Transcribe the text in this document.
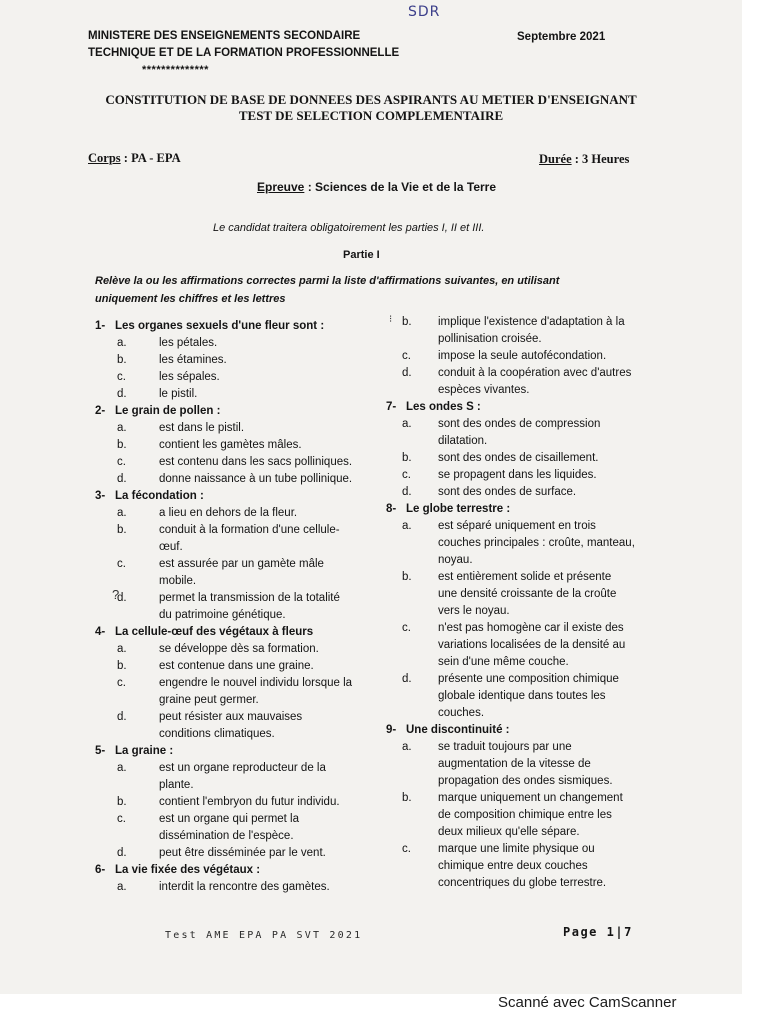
SDR
MINISTERE DES ENSEIGNEMENTS SECONDAIRE
TECHNIQUE ET DE LA FORMATION PROFESSIONNELLE
**************
Septembre 2021
CONSTITUTION DE BASE DE DONNEES DES ASPIRANTS AU METIER D'ENSEIGNANT
TEST DE SELECTION COMPLEMENTAIRE
Corps : PA - EPA	Durée : 3 Heures
Epreuve : Sciences de la Vie et de la Terre
Le candidat traitera obligatoirement les parties I, II et III.
Partie I
Relève la ou les affirmations correctes parmi la liste d'affirmations suivantes, en utilisant
uniquement les chiffres et les lettres
1- Les organes sexuels d'une fleur sont :
a.	les pétales.
b.	les étamines.
c.	les sépales.
d.	le pistil.
2- Le grain de pollen :
a.	est dans le pistil.
b.	contient les gamètes mâles.
c.	est contenu dans les sacs polliniques.
d.	donne naissance à un tube pollinique.
3- La fécondation :
a.	a lieu en dehors de la fleur.
b.	conduit à la formation d'une cellule-
œuf.
c.	est assurée par un gamète mâle
mobile.
d.	permet la transmission de la totalité
du patrimoine génétique.
4- La cellule-œuf des végétaux à fleurs
a.	se développe dès sa formation.
b.	est contenue dans une graine.
c.	engendre le nouvel individu lorsque la
graine peut germer.
d.	peut résister aux mauvaises
conditions climatiques.
5- La graine :
a.	est un organe reproducteur de la
plante.
b.	contient l'embryon du futur individu.
c.	est un organe qui permet la
dissémination de l'espèce.
d.	peut être disséminée par le vent.
6- La vie fixée des végétaux :
a.	interdit la rencontre des gamètes.
b.	implique l'existence d'adaptation à la
pollinisation croisée.
c.	impose la seule autofécondation.
d.	conduit à la coopération avec d'autres
espèces vivantes.
7- Les ondes S :
a.	sont des ondes de compression
dilatation.
b.	sont des ondes de cisaillement.
c.	se propagent dans les liquides.
d.	sont des ondes de surface.
8- Le globe terrestre :
a.	est séparé uniquement en trois
couches principales : croûte, manteau,
noyau.
b.	est entièrement solide et présente
une densité croissante de la croûte
vers le noyau.
c.	n'est pas homogène car il existe des
variations localisées de la densité au
sein d'une même couche.
d.	présente une composition chimique
globale identique dans toutes les
couches.
9- Une discontinuité :
a.	se traduit toujours par une
augmentation de la vitesse de
propagation des ondes sismiques.
b.	marque uniquement un changement
de composition chimique entre les
deux milieux qu'elle sépare.
c.	marque une limite physique ou
chimique entre deux couches
concentriques du globe terrestre.
⁝
?
Test AME EPA PA SVT 2021	Page 1|7
Scanné avec CamScanner
